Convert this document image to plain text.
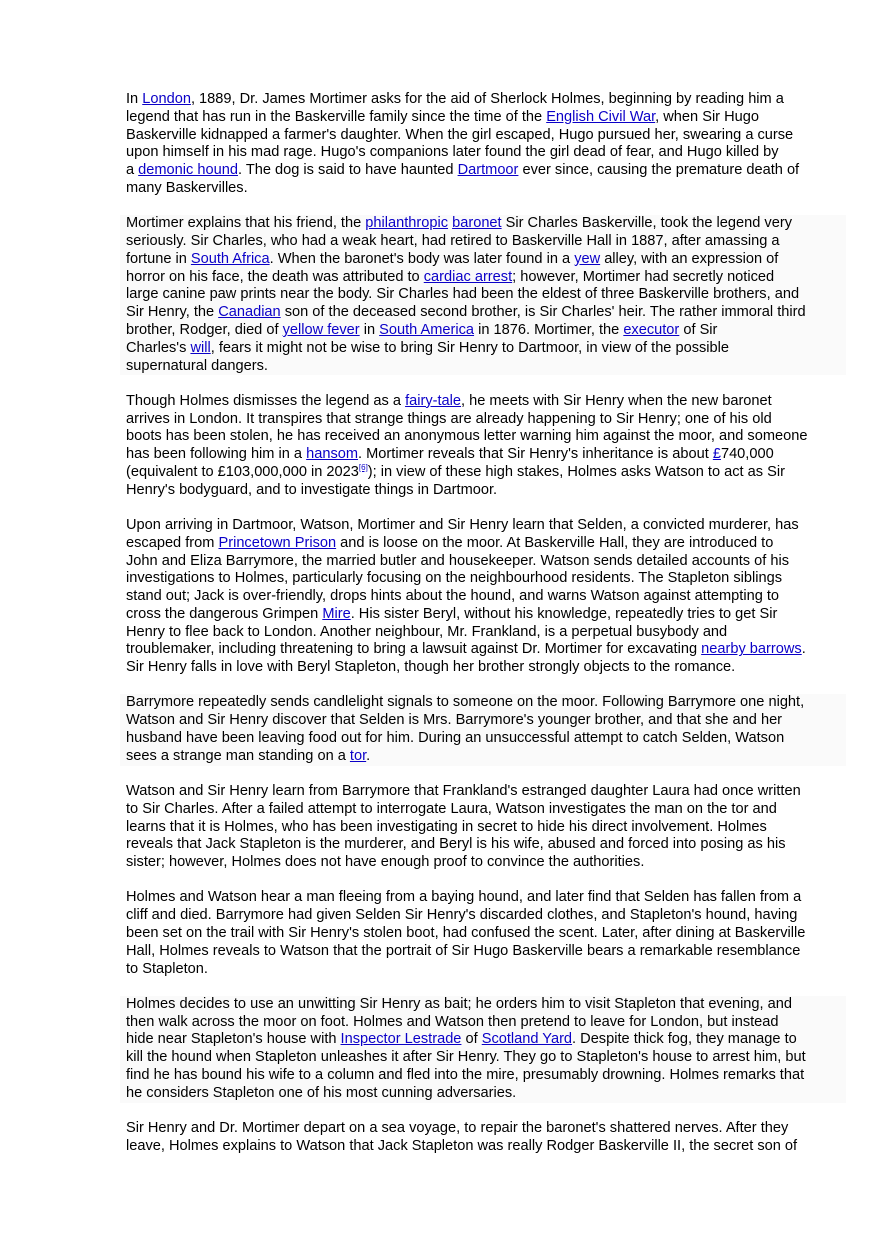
In London, 1889, Dr. James Mortimer asks for the aid of Sherlock Holmes, beginning by reading him a
legend that has run in the Baskerville family since the time of the English Civil War, when Sir Hugo
Baskerville kidnapped a farmer's daughter. When the girl escaped, Hugo pursued her, swearing a curse
upon himself in his mad rage. Hugo's companions later found the girl dead of fear, and Hugo killed by
a demonic hound. The dog is said to have haunted Dartmoor ever since, causing the premature death of
many Baskervilles.

Mortimer explains that his friend, the philanthropic baronet Sir Charles Baskerville, took the legend very
seriously. Sir Charles, who had a weak heart, had retired to Baskerville Hall in 1887, after amassing a
fortune in South Africa. When the baronet's body was later found in a yew alley, with an expression of
horror on his face, the death was attributed to cardiac arrest; however, Mortimer had secretly noticed
large canine paw prints near the body. Sir Charles had been the eldest of three Baskerville brothers, and
Sir Henry, the Canadian son of the deceased second brother, is Sir Charles' heir. The rather immoral third
brother, Rodger, died of yellow fever in South America in 1876. Mortimer, the executor of Sir
Charles's will, fears it might not be wise to bring Sir Henry to Dartmoor, in view of the possible
supernatural dangers.

Though Holmes dismisses the legend as a fairy-tale, he meets with Sir Henry when the new baronet
arrives in London. It transpires that strange things are already happening to Sir Henry; one of his old
boots has been stolen, he has received an anonymous letter warning him against the moor, and someone
has been following him in a hansom. Mortimer reveals that Sir Henry's inheritance is about £740,000
(equivalent to £103,000,000 in 2023[6]); in view of these high stakes, Holmes asks Watson to act as Sir
Henry's bodyguard, and to investigate things in Dartmoor.

Upon arriving in Dartmoor, Watson, Mortimer and Sir Henry learn that Selden, a convicted murderer, has
escaped from Princetown Prison and is loose on the moor. At Baskerville Hall, they are introduced to
John and Eliza Barrymore, the married butler and housekeeper. Watson sends detailed accounts of his
investigations to Holmes, particularly focusing on the neighbourhood residents. The Stapleton siblings
stand out; Jack is over-friendly, drops hints about the hound, and warns Watson against attempting to
cross the dangerous Grimpen Mire. His sister Beryl, without his knowledge, repeatedly tries to get Sir
Henry to flee back to London. Another neighbour, Mr. Frankland, is a perpetual busybody and
troublemaker, including threatening to bring a lawsuit against Dr. Mortimer for excavating nearby barrows.
Sir Henry falls in love with Beryl Stapleton, though her brother strongly objects to the romance.

Barrymore repeatedly sends candlelight signals to someone on the moor. Following Barrymore one night,
Watson and Sir Henry discover that Selden is Mrs. Barrymore's younger brother, and that she and her
husband have been leaving food out for him. During an unsuccessful attempt to catch Selden, Watson
sees a strange man standing on a tor.

Watson and Sir Henry learn from Barrymore that Frankland's estranged daughter Laura had once written
to Sir Charles. After a failed attempt to interrogate Laura, Watson investigates the man on the tor and
learns that it is Holmes, who has been investigating in secret to hide his direct involvement. Holmes
reveals that Jack Stapleton is the murderer, and Beryl is his wife, abused and forced into posing as his
sister; however, Holmes does not have enough proof to convince the authorities.

Holmes and Watson hear a man fleeing from a baying hound, and later find that Selden has fallen from a
cliff and died. Barrymore had given Selden Sir Henry's discarded clothes, and Stapleton's hound, having
been set on the trail with Sir Henry's stolen boot, had confused the scent. Later, after dining at Baskerville
Hall, Holmes reveals to Watson that the portrait of Sir Hugo Baskerville bears a remarkable resemblance
to Stapleton.

Holmes decides to use an unwitting Sir Henry as bait; he orders him to visit Stapleton that evening, and
then walk across the moor on foot. Holmes and Watson then pretend to leave for London, but instead
hide near Stapleton's house with Inspector Lestrade of Scotland Yard. Despite thick fog, they manage to
kill the hound when Stapleton unleashes it after Sir Henry. They go to Stapleton's house to arrest him, but
find he has bound his wife to a column and fled into the mire, presumably drowning. Holmes remarks that
he considers Stapleton one of his most cunning adversaries.

Sir Henry and Dr. Mortimer depart on a sea voyage, to repair the baronet's shattered nerves. After they
leave, Holmes explains to Watson that Jack Stapleton was really Rodger Baskerville II, the secret son of
